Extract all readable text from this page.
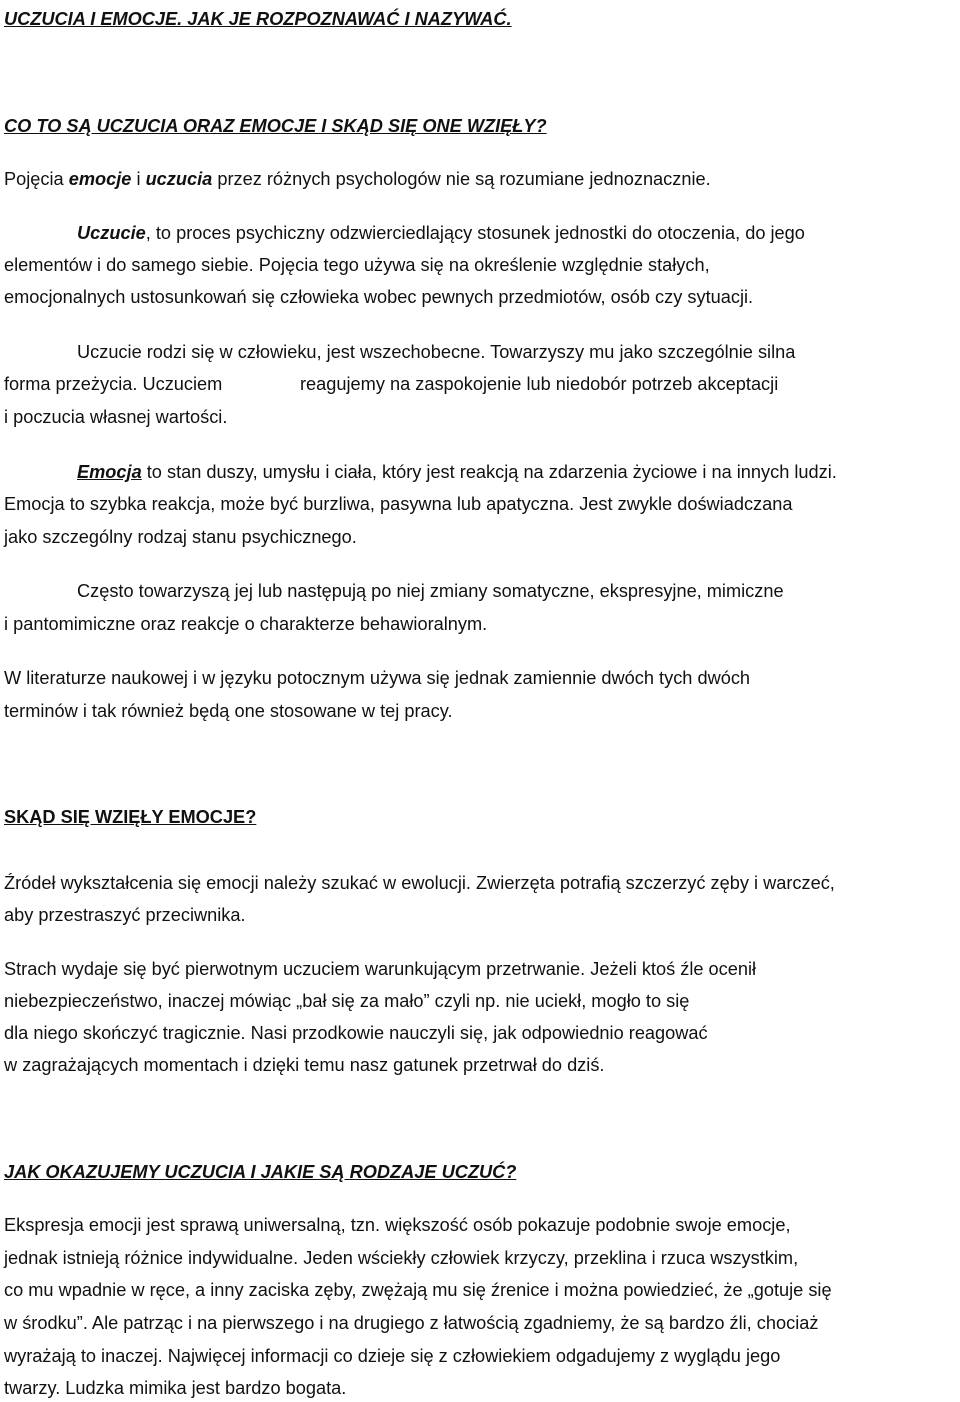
UCZUCIA I EMOCJE. JAK JE ROZPOZNAWAĆ I NAZYWAĆ.
CO TO SĄ UCZUCIA ORAZ EMOCJE I SKĄD SIĘ ONE WZIĘŁY?
Pojęcia emocje i uczucia przez różnych psychologów nie są rozumiane jednoznacznie.
Uczucie, to proces psychiczny odzwierciedlający stosunek jednostki do otoczenia, do jego
elementów i do samego siebie. Pojęcia tego używa się na określenie względnie stałych,
emocjonalnych ustosunkowań się człowieka wobec pewnych przedmiotów, osób czy sytuacji.
Uczucie rodzi się w człowieku, jest wszechobecne. Towarzyszy mu jako szczególnie silna
forma przeżycia. Uczuciem	reagujemy na zaspokojenie lub niedobór potrzeb akceptacji
i poczucia własnej wartości.
Emocja to stan duszy, umysłu i ciała, który jest reakcją na zdarzenia życiowe i na innych ludzi.
Emocja to szybka reakcja, może być burzliwa, pasywna lub apatyczna. Jest zwykle doświadczana
jako szczególny rodzaj stanu psychicznego.
Często towarzyszą jej lub następują po niej zmiany somatyczne, ekspresyjne, mimiczne
i pantomimiczne oraz reakcje o charakterze behawioralnym.
W literaturze naukowej i w języku potocznym używa się jednak zamiennie dwóch tych dwóch
terminów i tak również będą one stosowane w tej pracy.
SKĄD SIĘ WZIĘŁY EMOCJE?
Źródeł wykształcenia się emocji należy szukać w ewolucji. Zwierzęta potrafią szczerzyć zęby i warczeć,
aby przestraszyć przeciwnika.
Strach wydaje się być pierwotnym uczuciem warunkującym przetrwanie. Jeżeli ktoś źle ocenił
niebezpieczeństwo, inaczej mówiąc „bał się za mało” czyli np. nie uciekł, mogło to się
dla niego skończyć tragicznie. Nasi przodkowie nauczyli się, jak odpowiednio reagować
w zagrażających momentach i dzięki temu nasz gatunek przetrwał do dziś.
JAK OKAZUJEMY UCZUCIA I JAKIE SĄ RODZAJE UCZUĆ?
Ekspresja emocji jest sprawą uniwersalną, tzn. większość osób pokazuje podobnie swoje emocje,
jednak istnieją różnice indywidualne. Jeden wściekły człowiek krzyczy, przeklina i rzuca wszystkim,
co mu wpadnie w ręce, a inny zaciska zęby, zwężają mu się źrenice i można powiedzieć, że „gotuje się
w środku”. Ale patrząc i na pierwszego i na drugiego z łatwością zgadniemy, że są bardzo źli, chociaż
wyrażają to inaczej. Najwięcej informacji co dzieje się z człowiekiem odgadujemy z wyglądu jego
twarzy. Ludzka mimika jest bardzo bogata.
